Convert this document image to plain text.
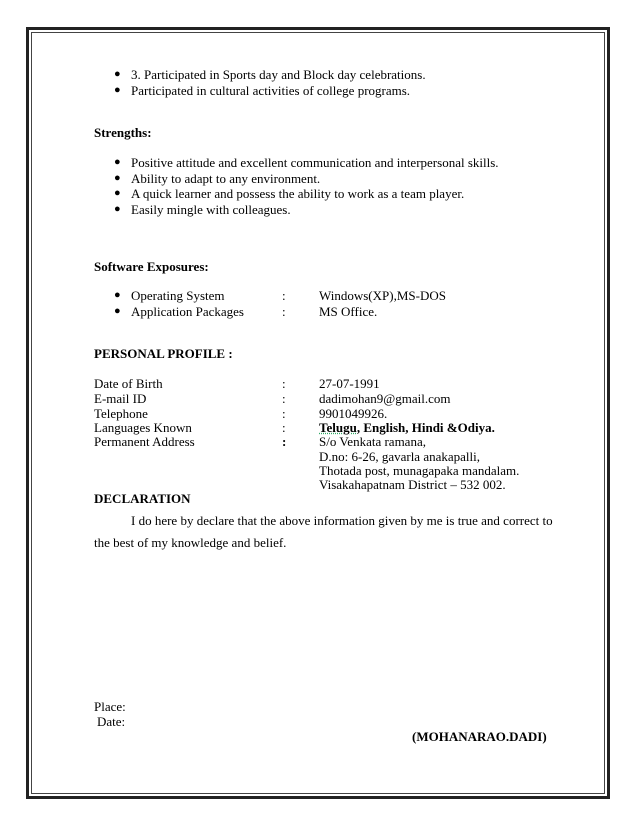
● 3. Participated in Sports day and Block day celebrations.
● Participated in cultural activities of college programs.
Strengths:
● Positive attitude and excellent communication and interpersonal skills.
● Ability to adapt to any environment.
● A quick learner and possess the ability to work as a team player.
● Easily mingle with colleagues.
Software Exposures:
● Operating System	:	Windows(XP),MS-DOS
● Application Packages	:	MS Office.
PERSONAL PROFILE :
Date of Birth	:	27-07-1991
E-mail ID	:	dadimohan9@gmail.com
Telephone	:	9901049926.
Languages Known	:	Telugu, English, Hindi &Odiya.
Permanent Address	:	S/o Venkata ramana,
D.no: 6-26, gavarla anakapalli,
Thotada post, munagapaka mandalam.
Visakahapatnam District – 532 002.
DECLARATION
I do here by declare that the above information given by me is true and correct to
the best of my knowledge and belief.
Place:
Date:
(MOHANARAO.DADI)
